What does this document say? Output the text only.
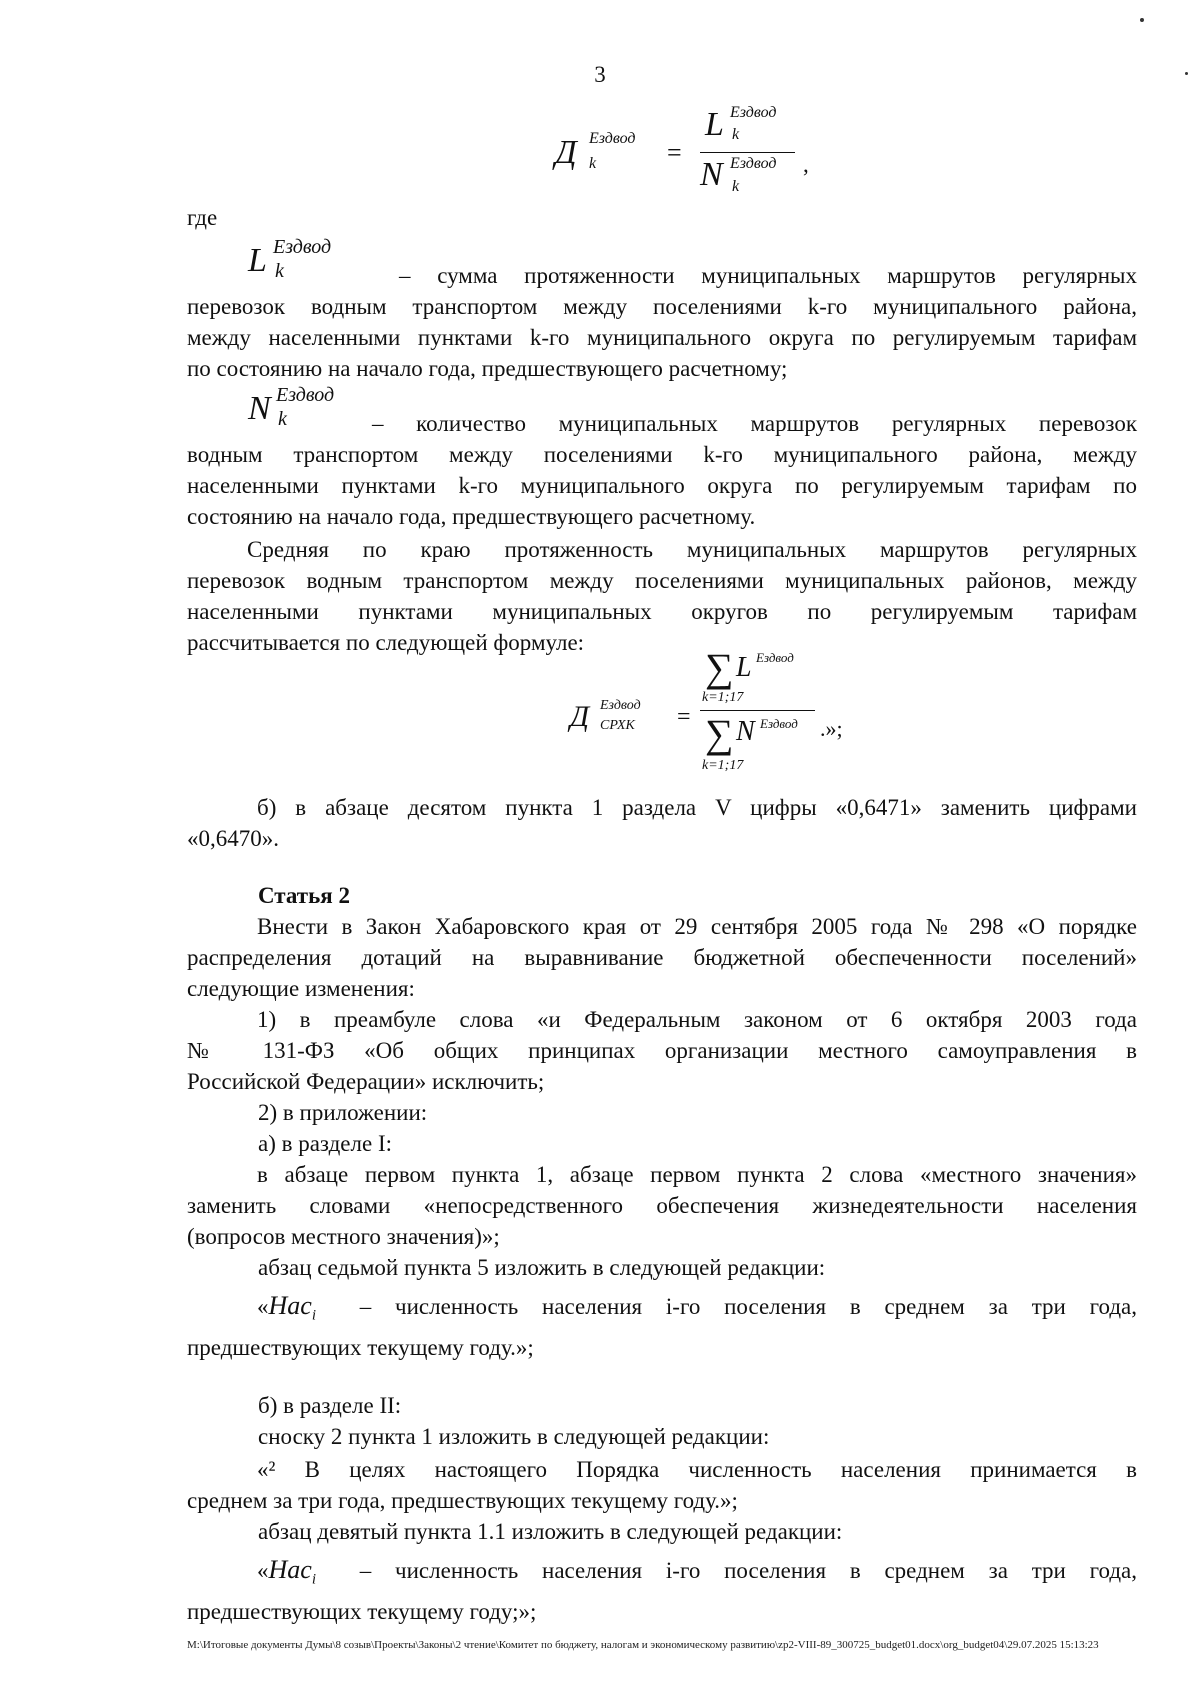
3
Д Ездвод
k	=
L Ездвод
k
N Ездвод
k
,
где
L Ездвод
k	– сумма протяженности муниципальных маршрутов регулярных

перевозок водным транспортом между поселениями k-го муниципального района,

между населенными пунктами k-го муниципального округа по регулируемым тарифам

по состоянию на начало года, предшествующего расчетному;

N Ездвод
k	– количество муниципальных маршрутов регулярных перевозок

водным транспортом между поселениями k-го муниципального района, между

населенными пунктами k-го муниципального округа по регулируемым тарифам по

состоянию на начало года, предшествующего расчетному.

Средняя по краю протяженность муниципальных маршрутов регулярных

перевозок водным транспортом между поселениями муниципальных районов, между

населенными пунктами муниципальных округов по регулируемым тарифам

рассчитывается по следующей формуле:

Д Ездвод
СРХК =
∑ L Ездвод
k=1;17
∑ N Ездвод
k=1;17
.»;

б) в абзаце десятом пункта 1 раздела V цифры «0,6471» заменить цифрами

«0,6470».

Статья 2

Внести в Закон Хабаровского края от 29 сентября 2005 года № 298 «О порядке

распределения дотаций на выравнивание бюджетной обеспеченности поселений»

следующие изменения:

1) в преамбуле слова «и Федеральным законом от 6 октября 2003 года

№ 131-ФЗ «Об общих принципах организации местного самоуправления в

Российской Федерации» исключить;

2) в приложении:
а) в разделе I:

в абзаце первом пункта 1, абзаце первом пункта 2 слова «местного значения»

заменить словами «непосредственного обеспечения жизнедеятельности населения

(вопросов местного значения)»;

абзац седьмой пункта 5 изложить в следующей редакции:

«Нас$_i$ – численность населения i-го поселения в среднем за три года,

предшествующих текущему году.»;

б) в разделе II:
сноску 2 пункта 1 изложить в следующей редакции:

«² В целях настоящего Порядка численность населения принимается в

среднем за три года, предшествующих текущему году.»;

абзац девятый пункта 1.1 изложить в следующей редакции:

«Нас$_i$ – численность населения i-го поселения в среднем за три года,

предшествующих текущему году;»;

M:\Итоговые документы Думы\8 созыв\Проекты\Законы\2 чтение\Комитет по бюджету, налогам и экономическому развитию\zp2-VIII-89_300725_budget01.docx\org_budget04\29.07.2025 15:13:23
